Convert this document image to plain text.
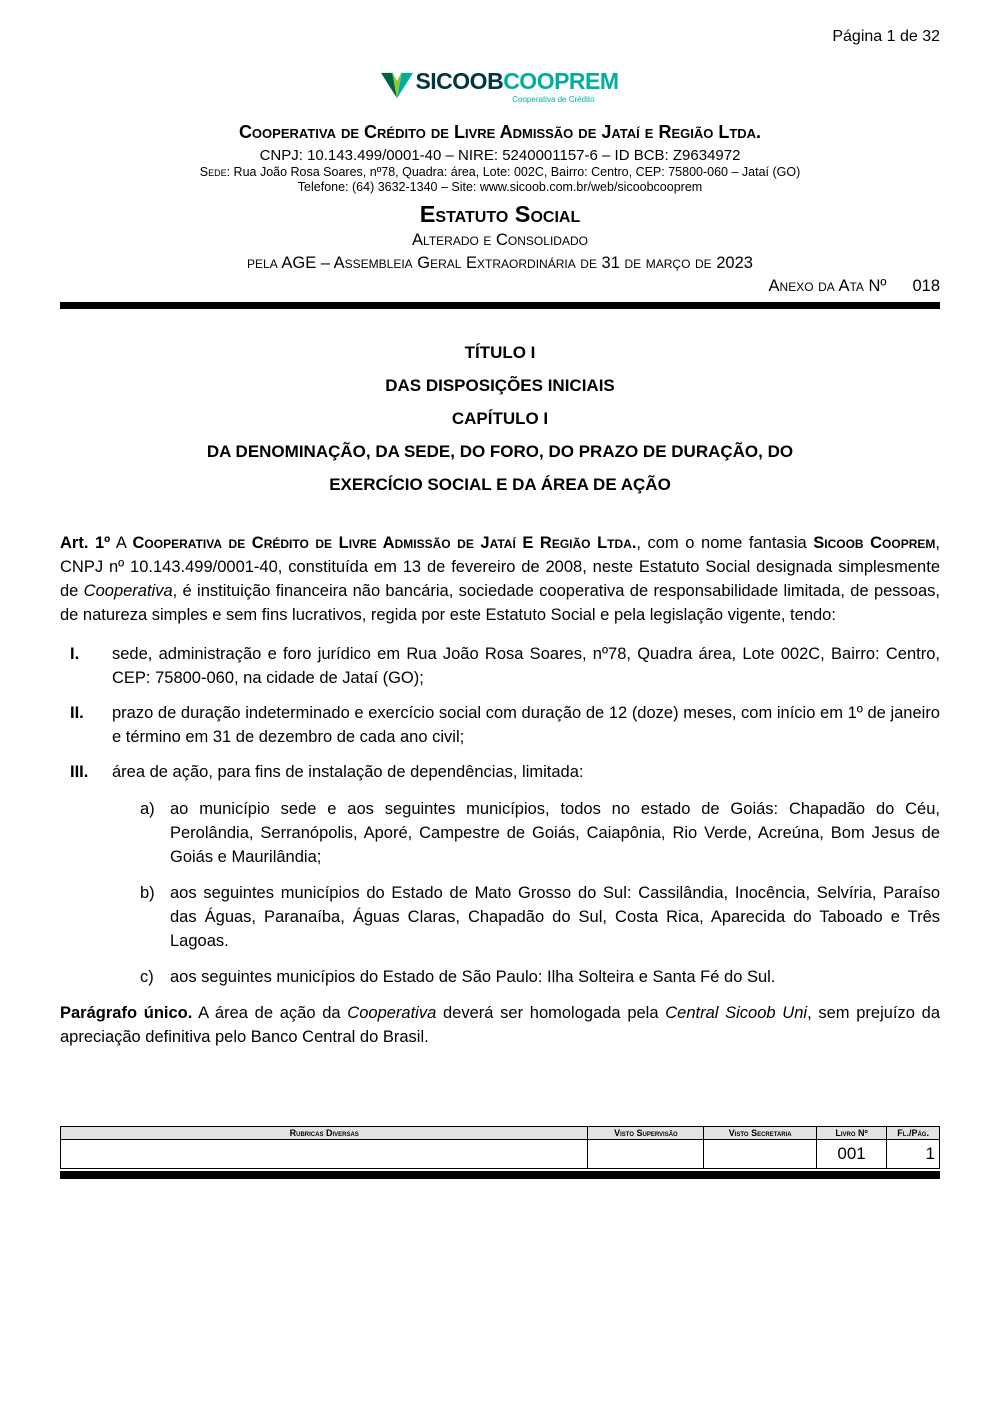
Página 1 de 32
SICOOBCOOPREM
Cooperativa de Crédito
Cooperativa de Crédito de Livre Admissão de Jataí e Região Ltda.
CNPJ: 10.143.499/0001-40 – NIRE: 5240001157-6 – ID BCB: Z9634972
Sede: Rua João Rosa Soares, nº78, Quadra: área, Lote: 002C, Bairro: Centro, CEP: 75800-060 – Jataí (GO)
Telefone: (64) 3632-1340 – Site: www.sicoob.com.br/web/sicoobcooprem
Estatuto Social
Alterado e Consolidado
pela AGE – Assembleia Geral Extraordinária de 31 de março de 2023
Anexo da Ata Nº 018
TÍTULO I
DAS DISPOSIÇÕES INICIAIS
CAPÍTULO I
DA DENOMINAÇÃO, DA SEDE, DO FORO, DO PRAZO DE DURAÇÃO, DO
EXERCÍCIO SOCIAL E DA ÁREA DE AÇÃO

Art. 1º A Cooperativa de Crédito de Livre Admissão de Jataí E Região Ltda., com o nome fantasia Sicoob Cooprem, CNPJ nº 10.143.499/0001-40, constituída em 13 de fevereiro de 2008, neste Estatuto Social designada simplesmente de Cooperativa, é instituição financeira não bancária, sociedade cooperativa de responsabilidade limitada, de pessoas, de natureza simples e sem fins lucrativos, regida por este Estatuto Social e pela legislação vigente, tendo:

I.	sede, administração e foro jurídico em Rua João Rosa Soares, nº78, Quadra área, Lote 002C, Bairro: Centro, CEP: 75800-060, na cidade de Jataí (GO);
II.	prazo de duração indeterminado e exercício social com duração de 12 (doze) meses, com início em 1º de janeiro e término em 31 de dezembro de cada ano civil;
III.	área de ação, para fins de instalação de dependências, limitada:
a) ao município sede e aos seguintes municípios, todos no estado de Goiás: Chapadão do Céu, Perolândia, Serranópolis, Aporé, Campestre de Goiás, Caiapônia, Rio Verde, Acreúna, Bom Jesus de Goiás e Maurilândia;
b) aos seguintes municípios do Estado de Mato Grosso do Sul: Cassilândia, Inocência, Selvíria, Paraíso das Águas, Paranaíba, Águas Claras, Chapadão do Sul, Costa Rica, Aparecida do Taboado e Três Lagoas.
c) aos seguintes municípios do Estado de São Paulo: Ilha Solteira e Santa Fé do Sul.

Parágrafo único. A área de ação da Cooperativa deverá ser homologada pela Central Sicoob Uni, sem prejuízo da apreciação definitiva pelo Banco Central do Brasil.

Rubricas Diversas	Visto Supervisão	Visto Secretaria	Livro Nº	Fl./Pág.
			001	1
